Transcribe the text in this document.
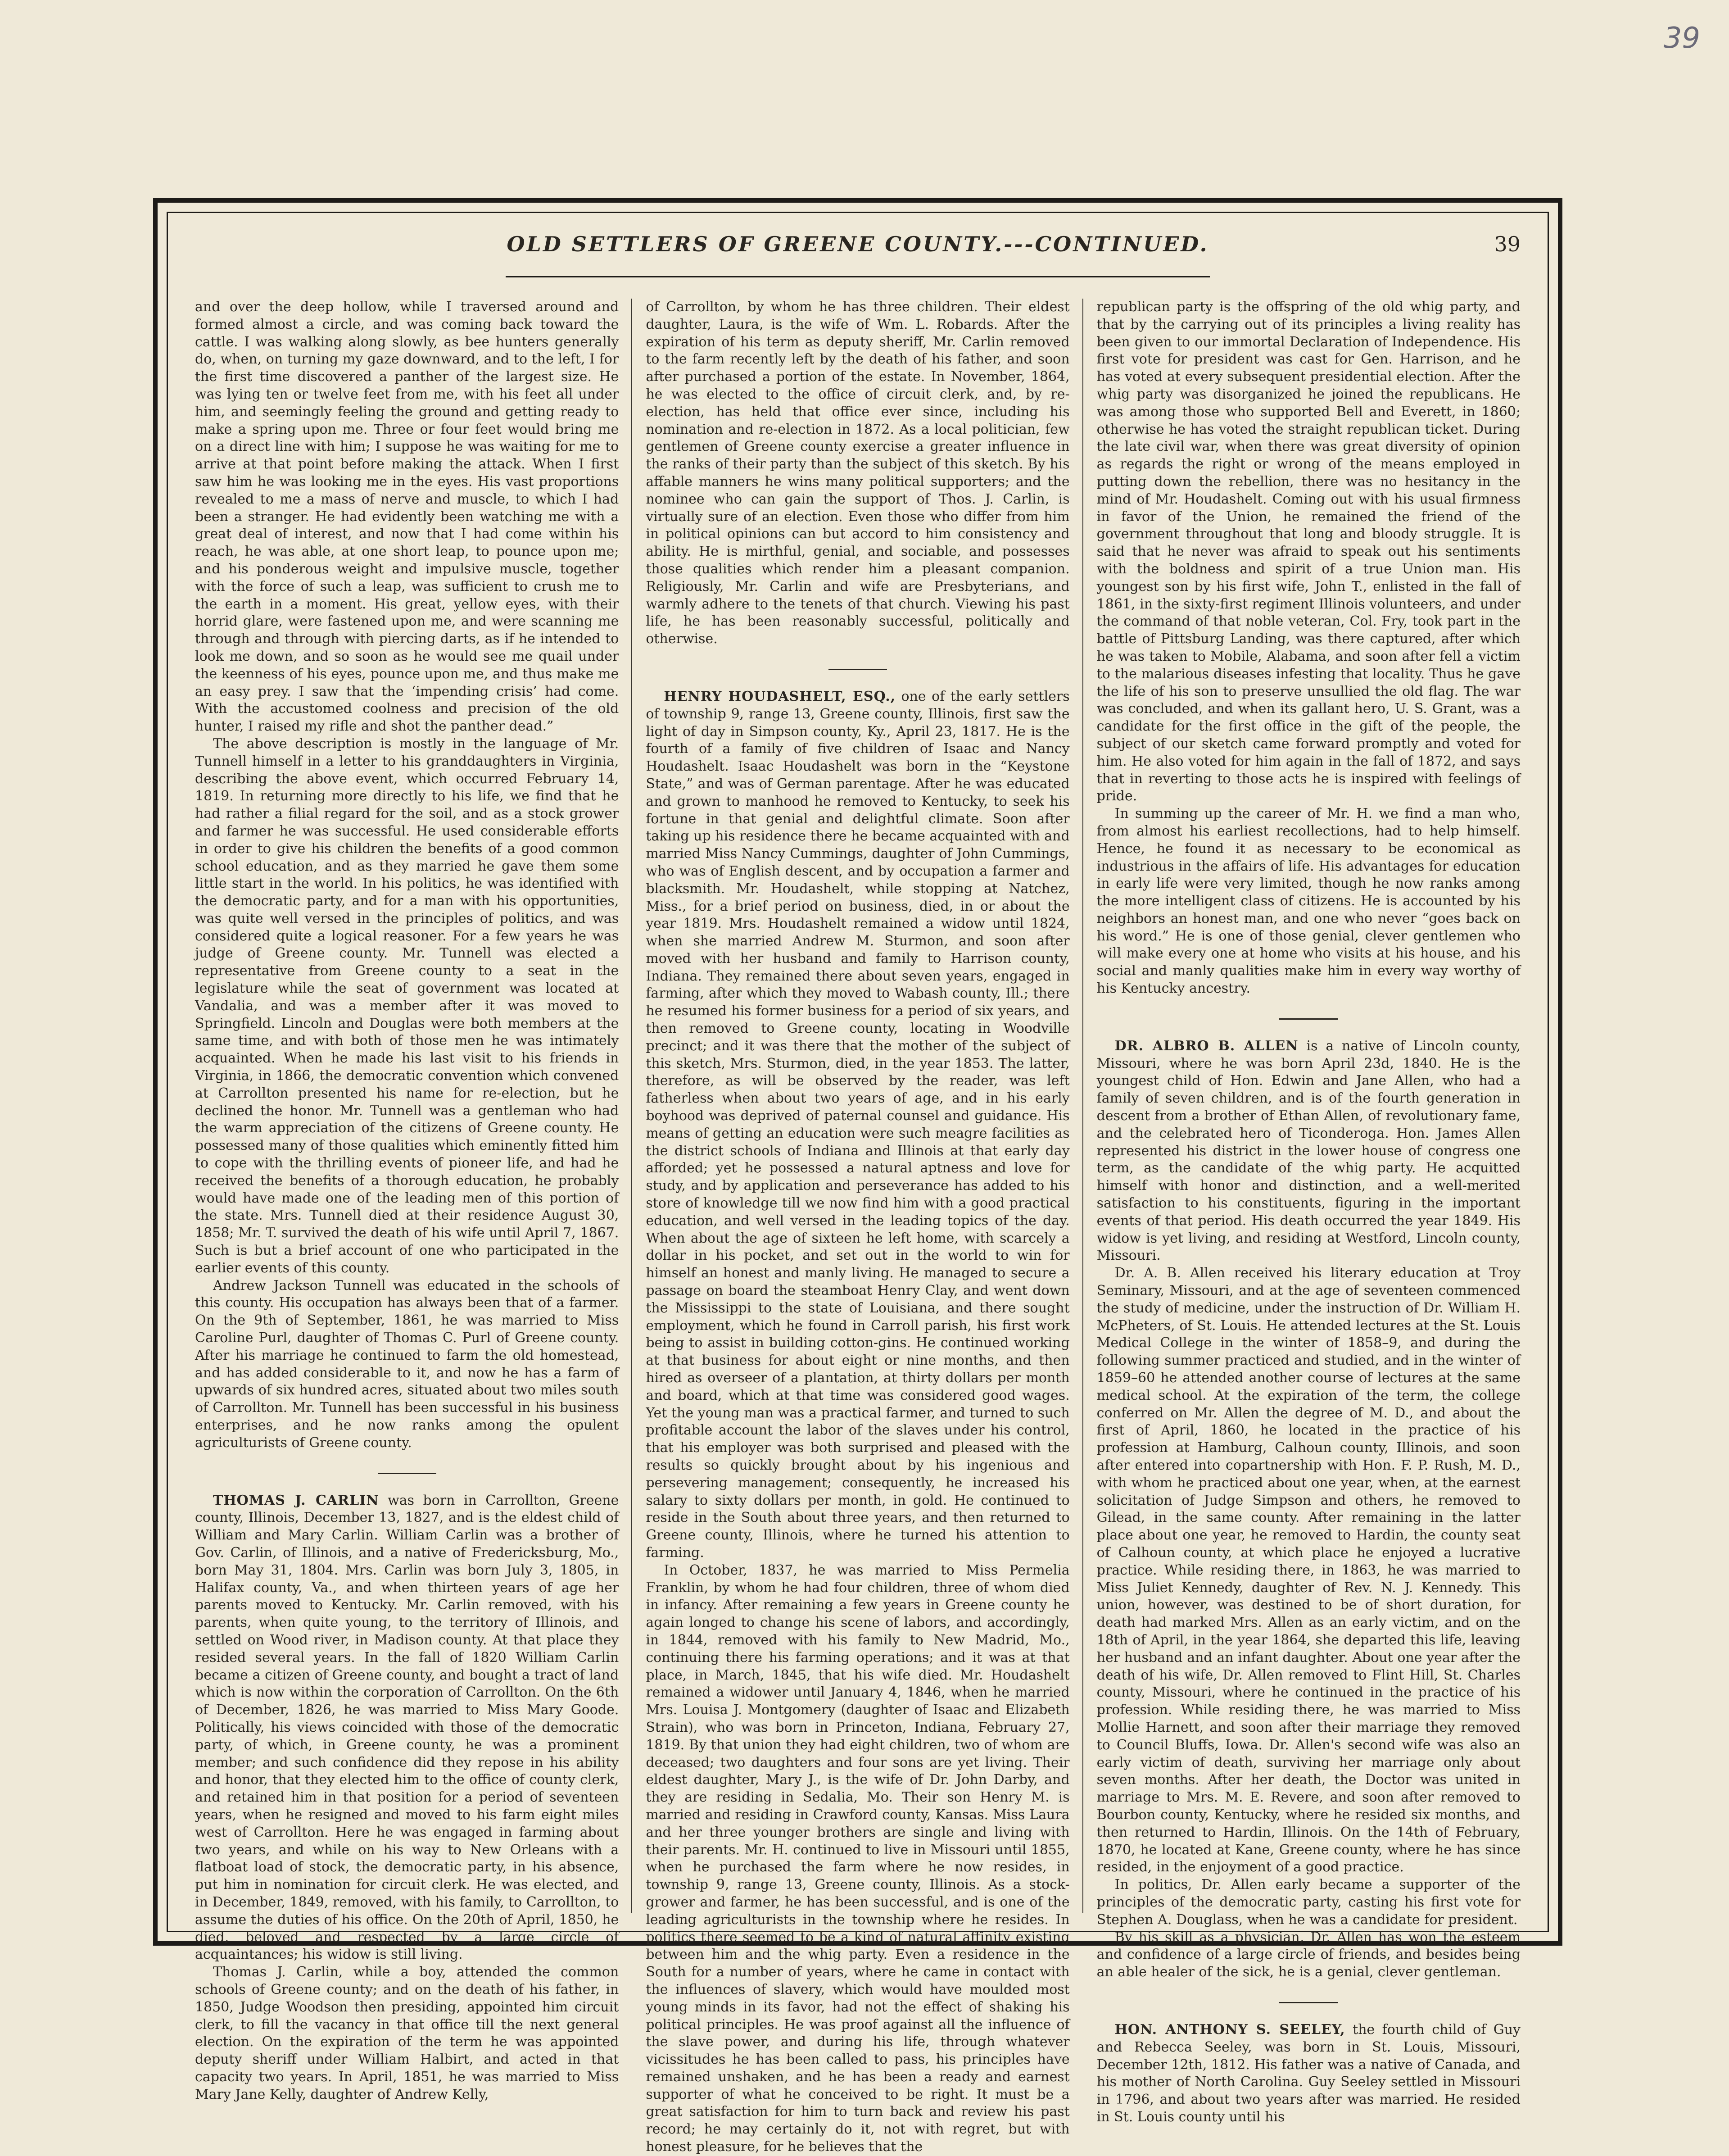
39
OLD SETTLERS OF GREENE COUNTY.---CONTINUED.	39

and over the deep hollow, while I traversed around and formed almost a circle, and was coming back toward the cattle. I was walking along slowly, as bee hunters generally do, when, on turning my gaze downward, and to the left, I for the first time discovered a panther of the largest size. He was lying ten or twelve feet from me, with his feet all under him, and seemingly feeling the ground and getting ready to make a spring upon me. Three or four feet would bring me on a direct line with him; I suppose he was waiting for me to arrive at that point before making the attack. When I first saw him he was looking me in the eyes. His vast proportions revealed to me a mass of nerve and muscle, to which I had been a stranger. He had evidently been watching me with a great deal of interest, and now that I had come within his reach, he was able, at one short leap, to pounce upon me; and his ponderous weight and impulsive muscle, together with the force of such a leap, was sufficient to crush me to the earth in a moment. His great, yellow eyes, with their horrid glare, were fastened upon me, and were scanning me through and through with piercing darts, as if he intended to look me down, and so soon as he would see me quail under the keenness of his eyes, pounce upon me, and thus make me an easy prey. I saw that the ‘impending crisis’ had come. With the accustomed coolness and precision of the old hunter, I raised my rifle and shot the panther dead.”

The above description is mostly in the language of Mr. Tunnell himself in a letter to his granddaughters in Virginia, describing the above event, which occurred February 14, 1819. In returning more directly to his life, we find that he had rather a filial regard for the soil, and as a stock grower and farmer he was successful. He used considerable efforts in order to give his children the benefits of a good common school education, and as they married he gave them some little start in the world. In his politics, he was identified with the democratic party, and for a man with his opportunities, was quite well versed in the principles of politics, and was considered quite a logical reasoner. For a few years he was judge of Greene county. Mr. Tunnell was elected a representative from Greene county to a seat in the legislature while the seat of government was located at Vandalia, and was a member after it was moved to Springfield. Lincoln and Douglas were both members at the same time, and with both of those men he was intimately acquainted. When he made his last visit to his friends in Virginia, in 1866, the democratic convention which convened at Carrollton presented his name for re-election, but he declined the honor. Mr. Tunnell was a gentleman who had the warm appreciation of the citizens of Greene county. He possessed many of those qualities which eminently fitted him to cope with the thrilling events of pioneer life, and had he received the benefits of a thorough education, he probably would have made one of the leading men of this portion of the state. Mrs. Tunnell died at their residence August 30, 1858; Mr. T. survived the death of his wife until April 7, 1867. Such is but a brief account of one who participated in the earlier events of this county.

Andrew Jackson Tunnell was educated in the schools of this county. His occupation has always been that of a farmer. On the 9th of September, 1861, he was married to Miss Caroline Purl, daughter of Thomas C. Purl of Greene county. After his marriage he continued to farm the old homestead, and has added considerable to it, and now he has a farm of upwards of six hundred acres, situated about two miles south of Carrollton. Mr. Tunnell has been successful in his business enterprises, and he now ranks among the opulent agriculturists of Greene county.

THOMAS J. CARLIN was born in Carrollton, Greene county, Illinois, December 13, 1827, and is the eldest child of William and Mary Carlin. William Carlin was a brother of Gov. Carlin, of Illinois, and a native of Fredericksburg, Mo., born May 31, 1804. Mrs. Carlin was born July 3, 1805, in Halifax county, Va., and when thirteen years of age her parents moved to Kentucky. Mr. Carlin removed, with his parents, when quite young, to the territory of Illinois, and settled on Wood river, in Madison county. At that place they resided several years. In the fall of 1820 William Carlin became a citizen of Greene county, and bought a tract of land which is now within the corporation of Carrollton. On the 6th of December, 1826, he was married to Miss Mary Goode. Politically, his views coincided with those of the democratic party, of which, in Greene county, he was a prominent member; and such confidence did they repose in his ability and honor, that they elected him to the office of county clerk, and retained him in that position for a period of seventeen years, when he resigned and moved to his farm eight miles west of Carrollton. Here he was engaged in farming about two years, and while on his way to New Orleans with a flatboat load of stock, the democratic party, in his absence, put him in nomination for circuit clerk. He was elected, and in December, 1849, removed, with his family, to Carrollton, to assume the duties of his office. On the 20th of April, 1850, he died, beloved and respected by a large circle of acquaintances; his widow is still living.

Thomas J. Carlin, while a boy, attended the common schools of Greene county; and on the death of his father, in 1850, Judge Woodson then presiding, appointed him circuit clerk, to fill the vacancy in that office till the next general election. On the expiration of the term he was appointed deputy sheriff under William Halbirt, and acted in that capacity two years. In April, 1851, he was married to Miss Mary Jane Kelly, daughter of Andrew Kelly,

of Carrollton, by whom he has three children. Their eldest daughter, Laura, is the wife of Wm. L. Robards. After the expiration of his term as deputy sheriff, Mr. Carlin removed to the farm recently left by the death of his father, and soon after purchased a portion of the estate. In November, 1864, he was elected to the office of circuit clerk, and, by re-election, has held that office ever since, including his nomination and re-election in 1872. As a local politician, few gentlemen of Greene county exercise a greater influence in the ranks of their party than the subject of this sketch. By his affable manners he wins many political supporters; and the nominee who can gain the support of Thos. J. Carlin, is virtually sure of an election. Even those who differ from him in political opinions can but accord to him consistency and ability. He is mirthful, genial, and sociable, and possesses those qualities which render him a pleasant companion. Religiously, Mr. Carlin and wife are Presbyterians, and warmly adhere to the tenets of that church. Viewing his past life, he has been reasonably successful, politically and otherwise.

HENRY HOUDASHELT, ESQ., one of the early settlers of township 9, range 13, Greene county, Illinois, first saw the light of day in Simpson county, Ky., April 23, 1817. He is the fourth of a family of five children of Isaac and Nancy Houdashelt. Isaac Houdashelt was born in the “Keystone State,” and was of German parentage. After he was educated and grown to manhood he removed to Kentucky, to seek his fortune in that genial and delightful climate. Soon after taking up his residence there he became acquainted with and married Miss Nancy Cummings, daughter of John Cummings, who was of English descent, and by occupation a farmer and blacksmith. Mr. Houdashelt, while stopping at Natchez, Miss., for a brief period on business, died, in or about the year 1819. Mrs. Houdashelt remained a widow until 1824, when she married Andrew M. Sturmon, and soon after moved with her husband and family to Harrison county, Indiana. They remained there about seven years, engaged in farming, after which they moved to Wabash county, Ill.; there he resumed his former business for a period of six years, and then removed to Greene county, locating in Woodville precinct; and it was there that the mother of the subject of this sketch, Mrs. Sturmon, died, in the year 1853. The latter, therefore, as will be observed by the reader, was left fatherless when about two years of age, and in his early boyhood was deprived of paternal counsel and guidance. His means of getting an education were such meagre facilities as the district schools of Indiana and Illinois at that early day afforded; yet he possessed a natural aptness and love for study, and by application and perseverance has added to his store of knowledge till we now find him with a good practical education, and well versed in the leading topics of the day. When about the age of sixteen he left home, with scarcely a dollar in his pocket, and set out in the world to win for himself an honest and manly living. He managed to secure a passage on board the steamboat Henry Clay, and went down the Mississippi to the state of Louisiana, and there sought employment, which he found in Carroll parish, his first work being to assist in building cotton-gins. He continued working at that business for about eight or nine months, and then hired as overseer of a plantation, at thirty dollars per month and board, which at that time was considered good wages. Yet the young man was a practical farmer, and turned to such profitable account the labor of the slaves under his control, that his employer was both surprised and pleased with the results so quickly brought about by his ingenious and persevering management; consequently, he increased his salary to sixty dollars per month, in gold. He continued to reside in the South about three years, and then returned to Greene county, Illinois, where he turned his attention to farming.

In October, 1837, he was married to Miss Permelia Franklin, by whom he had four children, three of whom died in infancy. After remaining a few years in Greene county he again longed to change his scene of labors, and accordingly, in 1844, removed with his family to New Madrid, Mo., continuing there his farming operations; and it was at that place, in March, 1845, that his wife died. Mr. Houdashelt remained a widower until January 4, 1846, when he married Mrs. Louisa J. Montgomery (daughter of Isaac and Elizabeth Strain), who was born in Princeton, Indiana, February 27, 1819. By that union they had eight children, two of whom are deceased; two daughters and four sons are yet living. Their eldest daughter, Mary J., is the wife of Dr. John Darby, and they are residing in Sedalia, Mo. Their son Henry M. is married and residing in Crawford county, Kansas. Miss Laura and her three younger brothers are single and living with their parents. Mr. H. continued to live in Missouri until 1855, when he purchased the farm where he now resides, in township 9, range 13, Greene county, Illinois. As a stock-grower and farmer, he has been successful, and is one of the leading agriculturists in the township where he resides. In politics there seemed to be a kind of natural affinity existing between him and the whig party. Even a residence in the South for a number of years, where he came in contact with the influences of slavery, which would have moulded most young minds in its favor, had not the effect of shaking his political principles. He was proof against all the influence of the slave power, and during his life, through whatever vicissitudes he has been called to pass, his principles have remained unshaken, and he has been a ready and earnest supporter of what he conceived to be right. It must be a great satisfaction for him to turn back and review his past record; he may certainly do it, not with regret, but with honest pleasure, for he believes that the

republican party is the offspring of the old whig party, and that by the carrying out of its principles a living reality has been given to our immortal Declaration of Independence. His first vote for president was cast for Gen. Harrison, and he has voted at every subsequent presidential election. After the whig party was disorganized he joined the republicans. He was among those who supported Bell and Everett, in 1860; otherwise he has voted the straight republican ticket. During the late civil war, when there was great diversity of opinion as regards the right or wrong of the means employed in putting down the rebellion, there was no hesitancy in the mind of Mr. Houdashelt. Coming out with his usual firmness in favor of the Union, he remained the friend of the government throughout that long and bloody struggle. It is said that he never was afraid to speak out his sentiments with the boldness and spirit of a true Union man. His youngest son by his first wife, John T., enlisted in the fall of 1861, in the sixty-first regiment Illinois volunteers, and under the command of that noble veteran, Col. Fry, took part in the battle of Pittsburg Landing, was there captured, after which he was taken to Mobile, Alabama, and soon after fell a victim to the malarious diseases infesting that locality. Thus he gave the life of his son to preserve unsullied the old flag. The war was concluded, and when its gallant hero, U. S. Grant, was a candidate for the first office in the gift of the people, the subject of our sketch came forward promptly and voted for him. He also voted for him again in the fall of 1872, and says that in reverting to those acts he is inspired with feelings of pride.

In summing up the career of Mr. H. we find a man who, from almost his earliest recollections, had to help himself. Hence, he found it as necessary to be economical as industrious in the affairs of life. His advantages for education in early life were very limited, though he now ranks among the more intelligent class of citizens. He is accounted by his neighbors an honest man, and one who never “goes back on his word.” He is one of those genial, clever gentlemen who will make every one at home who visits at his house, and his social and manly qualities make him in every way worthy of his Kentucky ancestry.

DR. ALBRO B. ALLEN is a native of Lincoln county, Missouri, where he was born April 23d, 1840. He is the youngest child of Hon. Edwin and Jane Allen, who had a family of seven children, and is of the fourth generation in descent from a brother of Ethan Allen, of revolutionary fame, and the celebrated hero of Ticonderoga. Hon. James Allen represented his district in the lower house of congress one term, as the candidate of the whig party. He acquitted himself with honor and distinction, and a well-merited satisfaction to his constituents, figuring in the important events of that period. His death occurred the year 1849. His widow is yet living, and residing at Westford, Lincoln county, Missouri.

Dr. A. B. Allen received his literary education at Troy Seminary, Missouri, and at the age of seventeen commenced the study of medicine, under the instruction of Dr. William H. McPheters, of St. Louis. He attended lectures at the St. Louis Medical College in the winter of 1858–9, and during the following summer practiced and studied, and in the winter of 1859–60 he attended another course of lectures at the same medical school. At the expiration of the term, the college conferred on Mr. Allen the degree of M. D., and about the first of April, 1860, he located in the practice of his profession at Hamburg, Calhoun county, Illinois, and soon after entered into copartnership with Hon. F. P. Rush, M. D., with whom he practiced about one year, when, at the earnest solicitation of Judge Simpson and others, he removed to Gilead, in the same county. After remaining in the latter place about one year, he removed to Hardin, the county seat of Calhoun county, at which place he enjoyed a lucrative practice. While residing there, in 1863, he was married to Miss Juliet Kennedy, daughter of Rev. N. J. Kennedy. This union, however, was destined to be of short duration, for death had marked Mrs. Allen as an early victim, and on the 18th of April, in the year 1864, she departed this life, leaving her husband and an infant daughter. About one year after the death of his wife, Dr. Allen removed to Flint Hill, St. Charles county, Missouri, where he continued in the practice of his profession. While residing there, he was married to Miss Mollie Harnett, and soon after their marriage they removed to Council Bluffs, Iowa. Dr. Allen's second wife was also an early victim of death, surviving her marriage only about seven months. After her death, the Doctor was united in marriage to Mrs. M. E. Revere, and soon after removed to Bourbon county, Kentucky, where he resided six months, and then returned to Hardin, Illinois. On the 14th of February, 1870, he located at Kane, Greene county, where he has since resided, in the enjoyment of a good practice.

In politics, Dr. Allen early became a supporter of the principles of the democratic party, casting his first vote for Stephen A. Douglass, when he was a candidate for president.

By his skill as a physician, Dr. Allen has won the esteem and confidence of a large circle of friends, and besides being an able healer of the sick, he is a genial, clever gentleman.

HON. ANTHONY S. SEELEY, the fourth child of Guy and Rebecca Seeley, was born in St. Louis, Missouri, December 12th, 1812. His father was a native of Canada, and his mother of North Carolina. Guy Seeley settled in Missouri in 1796, and about two years after was married. He resided in St. Louis county until his
